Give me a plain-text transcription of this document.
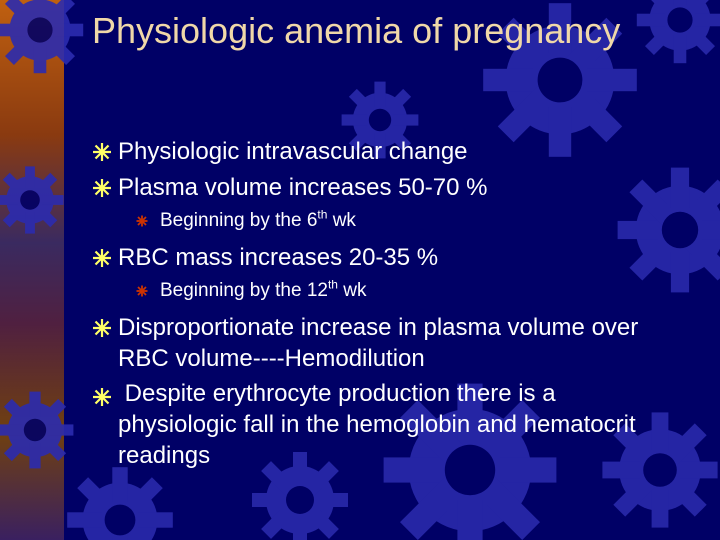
Physiologic anemia of pregnancy
Physiologic intravascular change
Plasma volume increases 50-70 %
Beginning by the 6th wk
RBC mass increases 20-35 %
Beginning by the 12th wk
Disproportionate increase in plasma volume over RBC volume----Hemodilution
Despite erythrocyte production there is a physiologic fall in the hemoglobin and hematocrit readings
